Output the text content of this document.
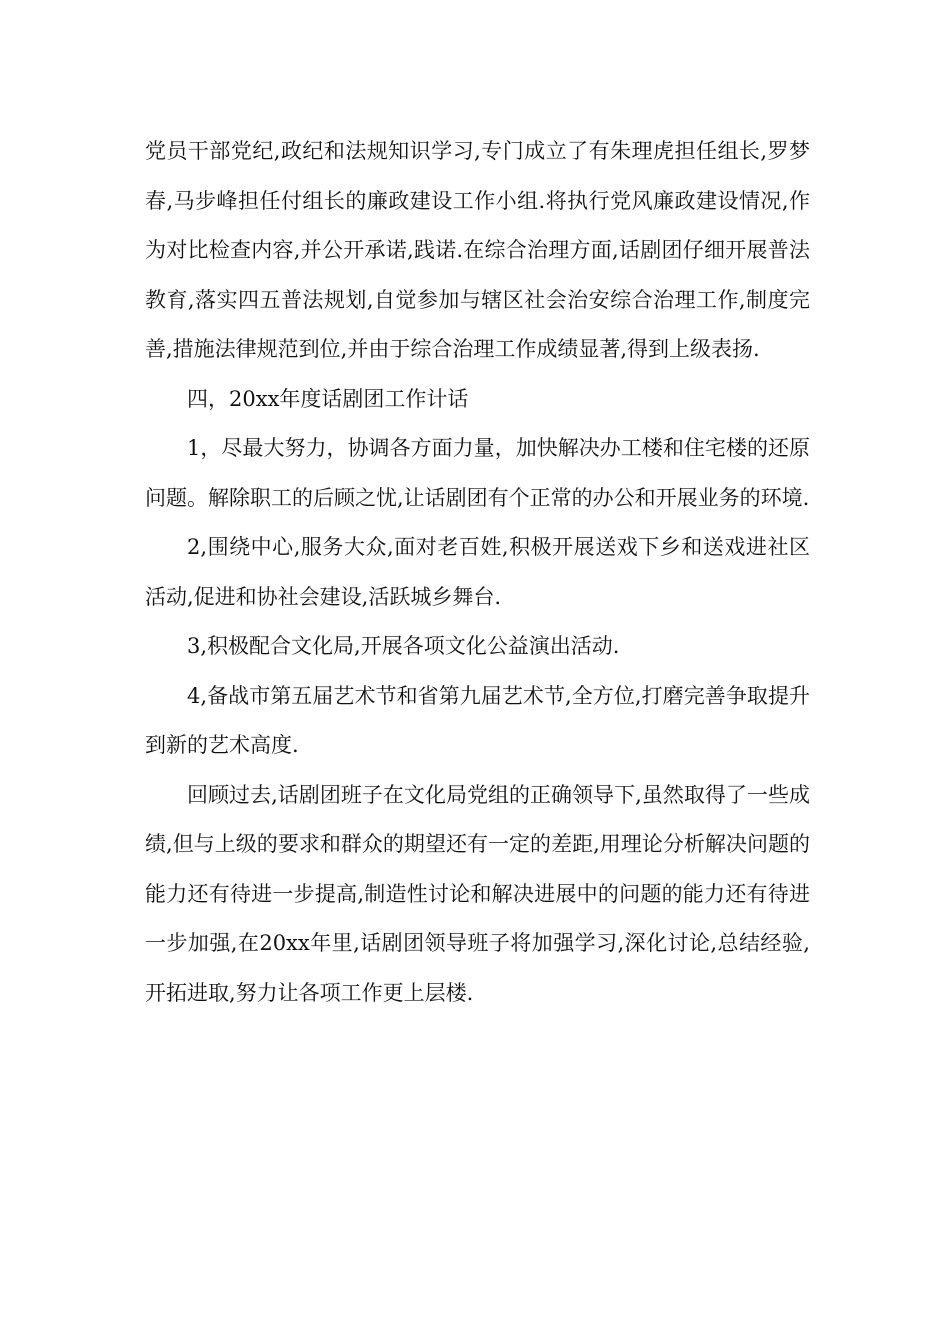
党员干部党纪,政纪和法规知识学习,专门成立了有朱理虎担任组长,罗梦春,马步峰担任付组长的廉政建设工作小组.将执行党风廉政建设情况,作为对比检查内容,并公开承诺,践诺.在综合治理方面,话剧团仔细开展普法教育,落实四五普法规划,自觉参加与辖区社会治安综合治理工作,制度完善,措施法律规范到位,并由于综合治理工作成绩显著,得到上级表扬.

四，20xx年度话剧团工作计话

1，尽最大努力，协调各方面力量，加快解决办工楼和住宅楼的还原问题。解除职工的后顾之忧,让话剧团有个正常的办公和开展业务的环境.

2,围绕中心,服务大众,面对老百姓,积极开展送戏下乡和送戏进社区活动,促进和协社会建设,活跃城乡舞台.

3,积极配合文化局,开展各项文化公益演出活动.

4,备战市第五届艺术节和省第九届艺术节,全方位,打磨完善争取提升到新的艺术高度.

回顾过去,话剧团班子在文化局党组的正确领导下,虽然取得了一些成绩,但与上级的要求和群众的期望还有一定的差距,用理论分析解决问题的能力还有待进一步提高,制造性讨论和解决进展中的问题的能力还有待进一步加强,在20xx年里,话剧团领导班子将加强学习,深化讨论,总结经验,开拓进取,努力让各项工作更上层楼.
